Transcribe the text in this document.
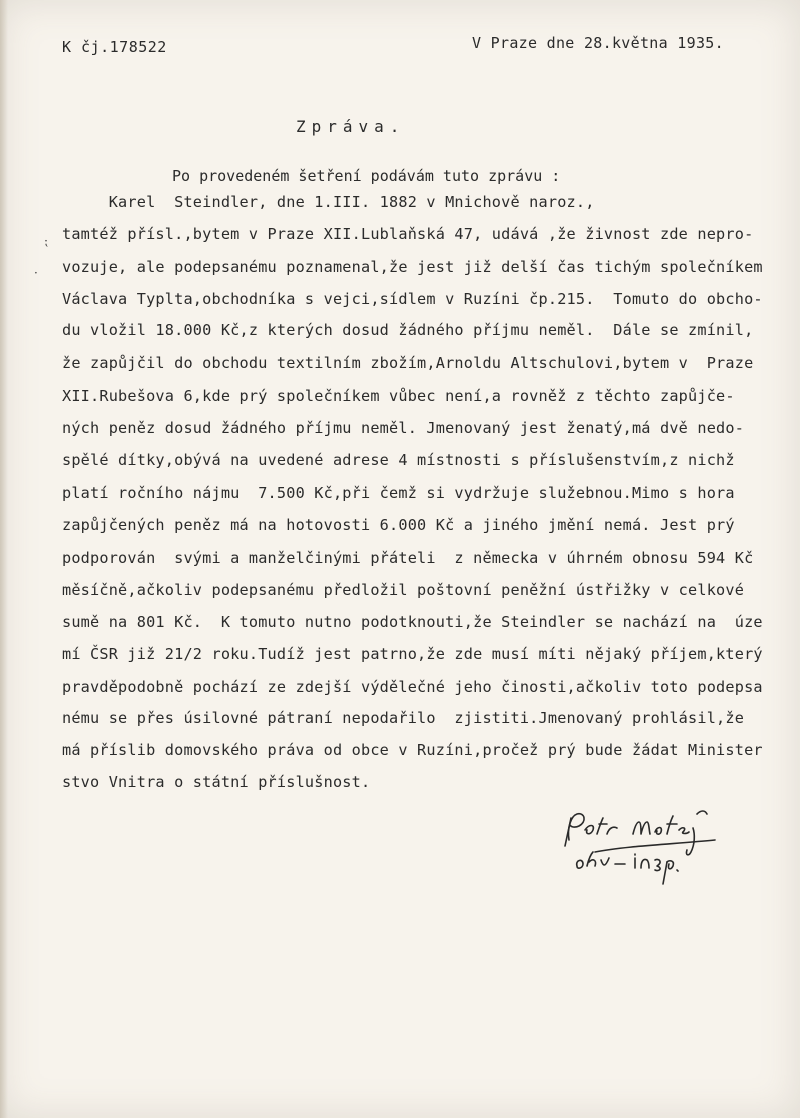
K čj.178522	V Praze dne 28.května 1935.
Zpráva.
Po provedeném šetření podávám tuto zprávu :
Karel  Steindler, dne 1.III. 1882 v Mnichově naroz.,
tamtéž přísl.,bytem v Praze XII.Lublaňská 47, udává ,že živnost zde nepro-
vozuje, ale podepsanému poznamenal,že jest již delší čas tichým společníkem
Václava Typlta,obchodníka s vejci,sídlem v Ruzíni čp.215.  Tomuto do obcho-
du vložil 18.000 Kč,z kterých dosud žádného příjmu neměl.  Dále se zmínil,
že zapůjčil do obchodu textilním zbožím,Arnoldu Altschulovi,bytem v  Praze
XII.Rubešova 6,kde prý společníkem vůbec není,a rovněž z těchto zapůjče-
ných peněz dosud žádného příjmu neměl. Jmenovaný jest ženatý,má dvě nedo-
spělé dítky,obývá na uvedené adrese 4 místnosti s příslušenstvím,z nichž
platí ročního nájmu  7.500 Kč,při čemž si vydržuje služebnou.Mimo s hora
zapůjčených peněz má na hotovosti 6.000 Kč a jiného jmění nemá. Jest prý
podporován  svými a manželčinými přáteli  z německa v úhrném obnosu 594 Kč
měsíčně,ačkoliv podepsanému předložil poštovní peněžní ústřižky v celkové
sumě na 801 Kč.  K tomuto nutno podotknouti,že Steindler se nachází na  úze
mí ČSR již 21/2 roku.Tudíž jest patrno,že zde musí míti nějaký příjem,který
pravděpodobně pochází ze zdejší výdělečné jeho činosti,ačkoliv toto podepsa
nému se přes úsilovné pátraní nepodařilo  zjistiti.Jmenovaný prohlásil,že
má příslib domovského práva od obce v Ruzíni,pročež prý bude žádat Minister
stvo Vnitra o státní příslušnost.
⁏
·
